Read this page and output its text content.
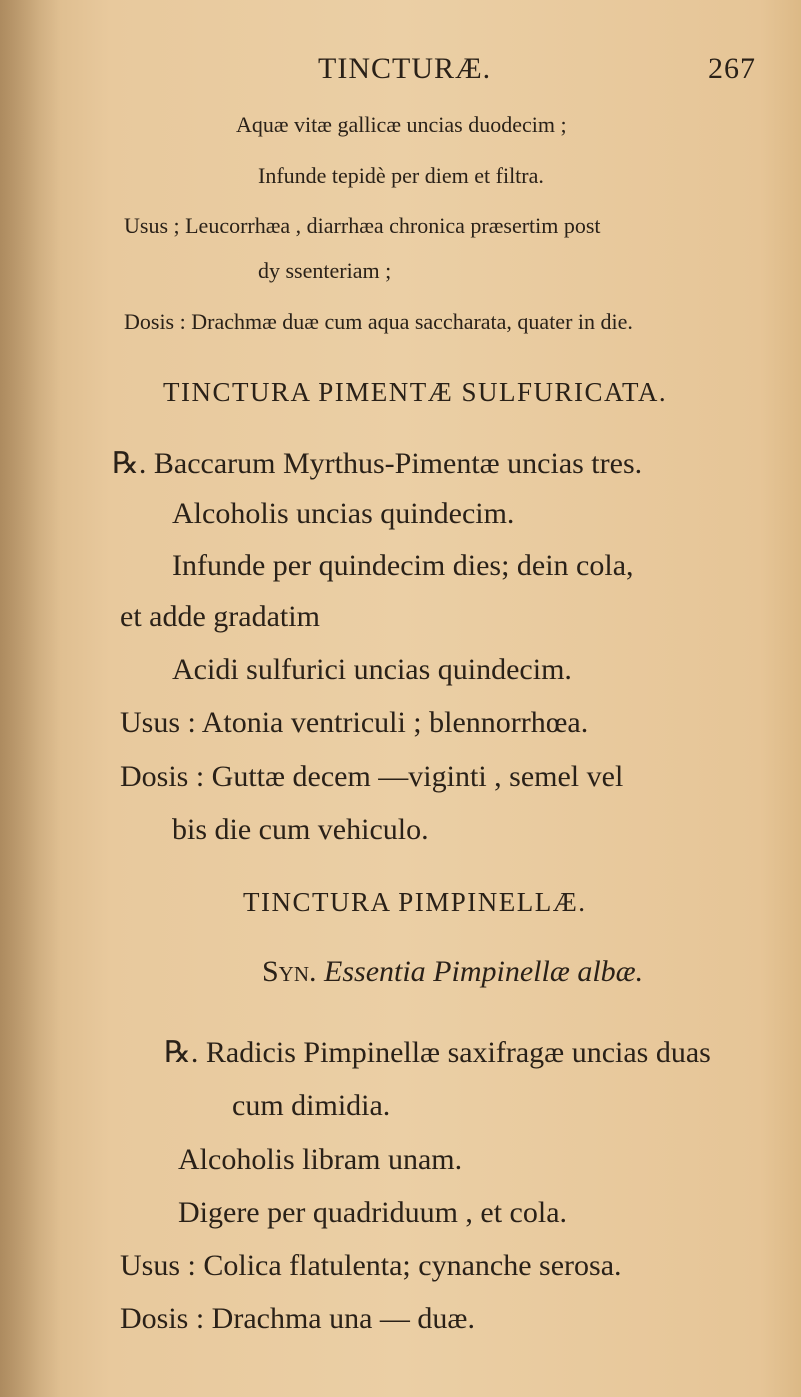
TINCTURÆ.	267
Aquæ vitæ gallicæ uncias duodecim ;
Infunde tepidè per diem et filtra.
Usus ; Leucorrhæa , diarrhæa chronica præsertim post
dy ssenteriam ;
Dosis : Drachmæ duæ cum aqua saccharata, quater in die.
TINCTURA PIMENTÆ SULFURICATA.
℞. Baccarum Myrthus-Pimentæ uncias tres.
Alcoholis uncias quindecim.
Infunde per quindecim dies; dein cola,
et adde gradatim
Acidi sulfurici uncias quindecim.
Usus : Atonia ventriculi ; blennorrhœa.
Dosis : Guttæ decem —viginti , semel vel
bis die cum vehiculo.
TINCTURA PIMPINELLÆ.
Syn. Essentia Pimpinellæ albæ.
℞. Radicis Pimpinellæ saxifragæ uncias duas
cum dimidia.
Alcoholis libram unam.
Digere per quadriduum , et cola.
Usus : Colica flatulenta; cynanche serosa.
Dosis : Drachma una — duæ.
